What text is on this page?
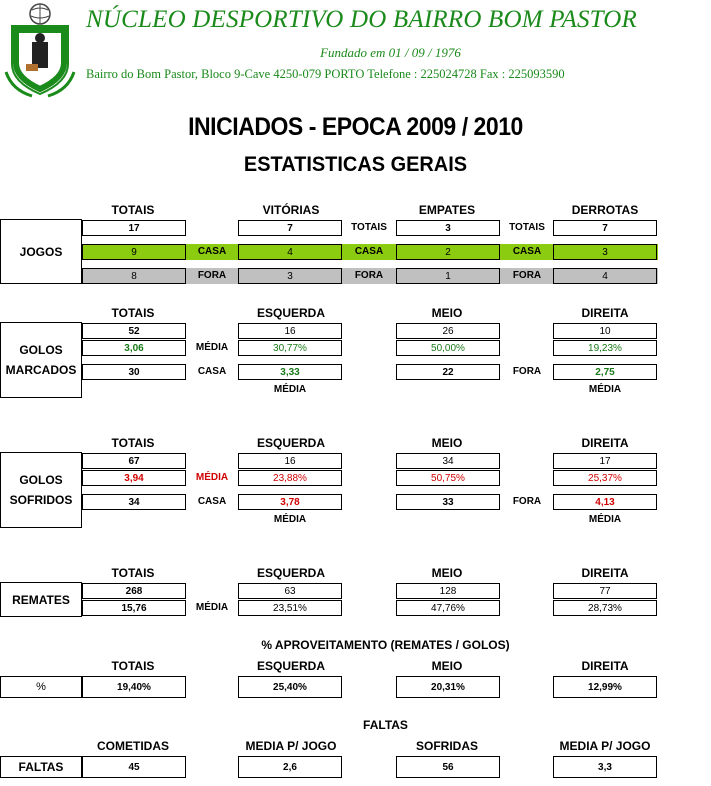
NÚCLEO DESPORTIVO DO BAIRRO BOM PASTOR
Fundado em 01 / 09 / 1976
Bairro do Bom Pastor, Bloco 9-Cave 4250-079 PORTO Telefone : 225024728 Fax : 225093590
INICIADOS - EPOCA 2009 / 2010
ESTATISTICAS GERAIS
TOTAIS	VITÓRIAS	EMPATES	DERROTAS
JOGOS
17	7	TOTAIS	3	TOTAIS	7
9	CASA	4	CASA	2	CASA	3
8	FORA	3	FORA	1	FORA	4
TOTAIS	ESQUERDA	MEIO	DIREITA
GOLOS
MARCADOS
52	16	26	10
3,06	MÉDIA	30,77%	50,00%	19,23%
30	CASA	3,33	22	FORA	2,75
MÉDIA	MÉDIA
TOTAIS	ESQUERDA	MEIO	DIREITA
GOLOS
SOFRIDOS
67	16	34	17
3,94	MÉDIA	23,88%	50,75%	25,37%
34	CASA	3,78	33	FORA	4,13
MÉDIA	MÉDIA
TOTAIS	ESQUERDA	MEIO	DIREITA
REMATES
268	63	128	77
15,76	MÉDIA	23,51%	47,76%	28,73%
% APROVEITAMENTO (REMATES / GOLOS)
TOTAIS	ESQUERDA	MEIO	DIREITA
%	19,40%	25,40%	20,31%	12,99%
FALTAS
COMETIDAS	MEDIA P/ JOGO	SOFRIDAS	MEDIA P/ JOGO
FALTAS	45	2,6	56	3,3
